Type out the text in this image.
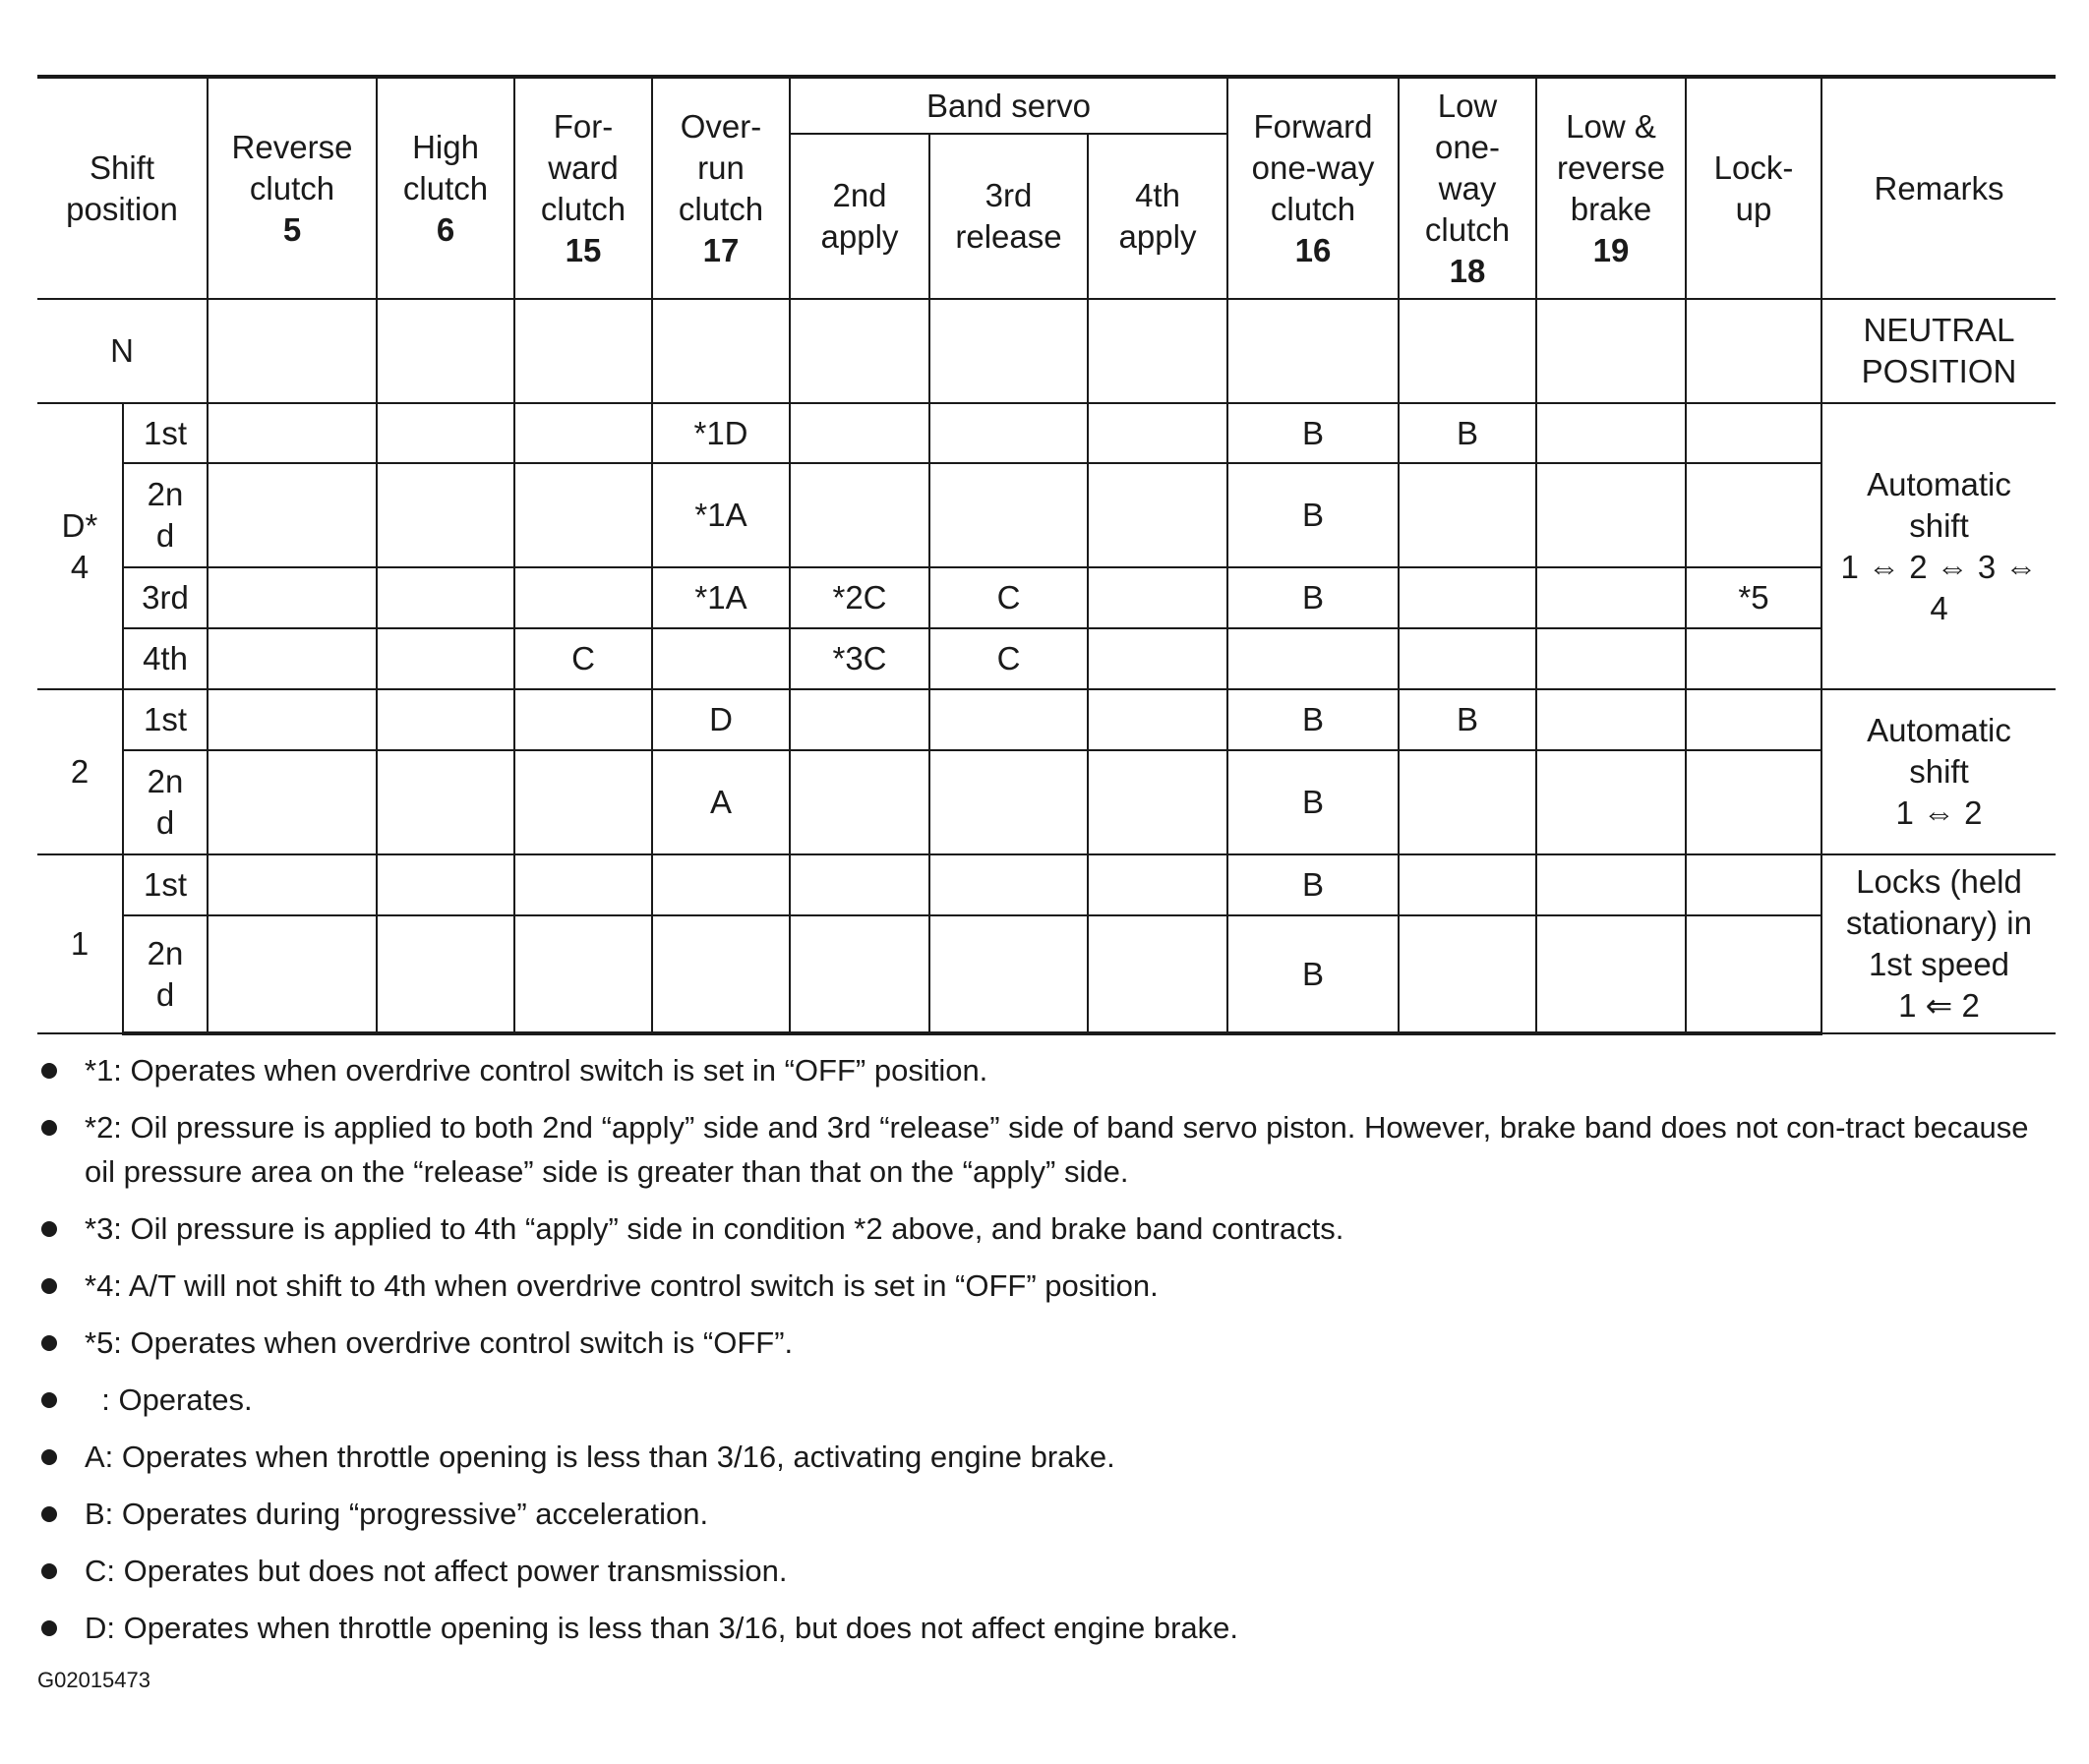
Shift
position		Reverse
clutch
5	High
clutch
6	For-
ward
clutch
15	Over-
run
clutch
17	Band servo			Forward
one-way
clutch
16	Low
one-
way
clutch
18	Low &
reverse
brake
19	Lock-
up	Remarks

						2nd
apply	3rd
release	4th
apply					

N													NEUTRAL
POSITION

D*
4	1st				*1D				B	B			Automatic
shift
1 ⇔ 2 ⇔ 3 ⇔
4

	2n
d				*1A				B				
	3rd				*1A	*2C	C		B			*5	
	4th			C		*3C	C						
2	1st				D				B	B			Automatic
shift
1 ⇔ 2

	2n
d				A				B				
1	1st								B				Locks (held
stationary) in
1st speed
1 ⇐ 2

	2n
d								B				
*1: Operates when overdrive control switch is set in “OFF” position.
*2: Oil pressure is applied to both 2nd “apply” side and 3rd “release” side of band servo piston. However, brake band does not con-tract because oil pressure area on the “release” side is greater than that on the “apply” side.
*3: Oil pressure is applied to 4th “apply” side in condition *2 above, and brake band contracts.
*4: A/T will not shift to 4th when overdrive control switch is set in “OFF” position.
*5: Operates when overdrive control switch is “OFF”.
: Operates.
A: Operates when throttle opening is less than 3/16, activating engine brake.
B: Operates during “progressive” acceleration.
C: Operates but does not affect power transmission.
D: Operates when throttle opening is less than 3/16, but does not affect engine brake.
G02015473
